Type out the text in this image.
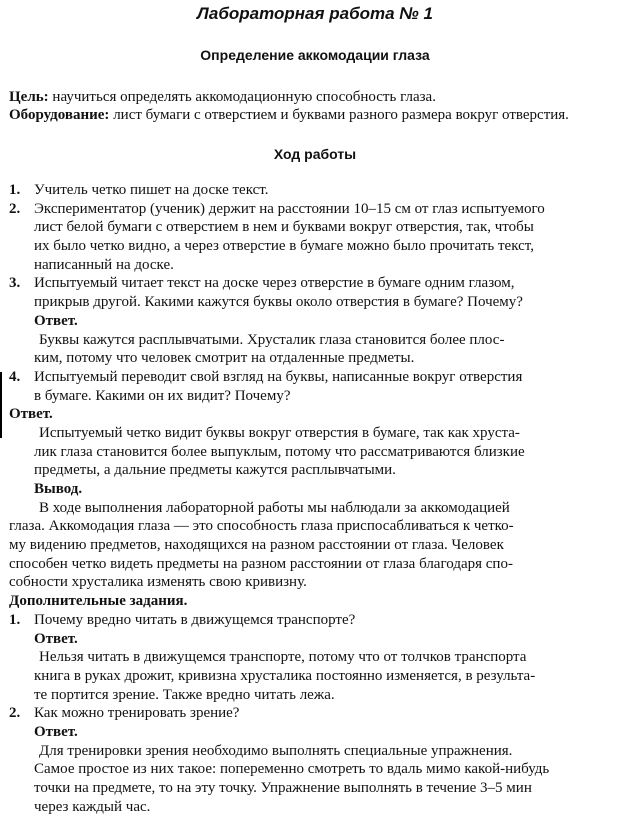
Лабораторная работа № 1
Определение аккомодации глаза
Цель: научиться определять аккомодационную способность глаза.
Оборудование: лист бумаги с отверстием и буквами разного размера вокруг отверстия.
Ход работы
1. Учитель четко пишет на доске текст.
2. Экспериментатор (ученик) держит на расстоянии 10–15 см от глаз испытуемого
лист белой бумаги с отверстием в нем и буквами вокруг отверстия, так, чтобы
их было четко видно, а через отверстие в бумаге можно было прочитать текст,
написанный на доске.
3. Испытуемый читает текст на доске через отверстие в бумаге одним глазом,
прикрыв другой. Какими кажутся буквы около отверстия в бумаге? Почему?
Ответ.
Буквы кажутся расплывчатыми. Хрусталик глаза становится более плос-
ким, потому что человек смотрит на отдаленные предметы.
4. Испытуемый переводит свой взгляд на буквы, написанные вокруг отверстия
в бумаге. Какими он их видит? Почему?
Ответ.
Испытуемый четко видит буквы вокруг отверстия в бумаге, так как хруста-
лик глаза становится более выпуклым, потому что рассматриваются близкие
предметы, а дальние предметы кажутся расплывчатыми.
Вывод.
В ходе выполнения лабораторной работы мы наблюдали за аккомодацией
глаза. Аккомодация глаза — это способность глаза приспосабливаться к четко-
му видению предметов, находящихся на разном расстоянии от глаза. Человек
способен четко видеть предметы на разном расстоянии от глаза благодаря спо-
собности хрусталика изменять свою кривизну.
Дополнительные задания.
1. Почему вредно читать в движущемся транспорте?
Ответ.
Нельзя читать в движущемся транспорте, потому что от толчков транспорта
книга в руках дрожит, кривизна хрусталика постоянно изменяется, в результа-
те портится зрение. Также вредно читать лежа.
2. Как можно тренировать зрение?
Ответ.
Для тренировки зрения необходимо выполнять специальные упражнения.
Самое простое из них такое: попеременно смотреть то вдаль мимо какой-нибудь
точки на предмете, то на эту точку. Упражнение выполнять в течение 3–5 мин
через каждый час.
